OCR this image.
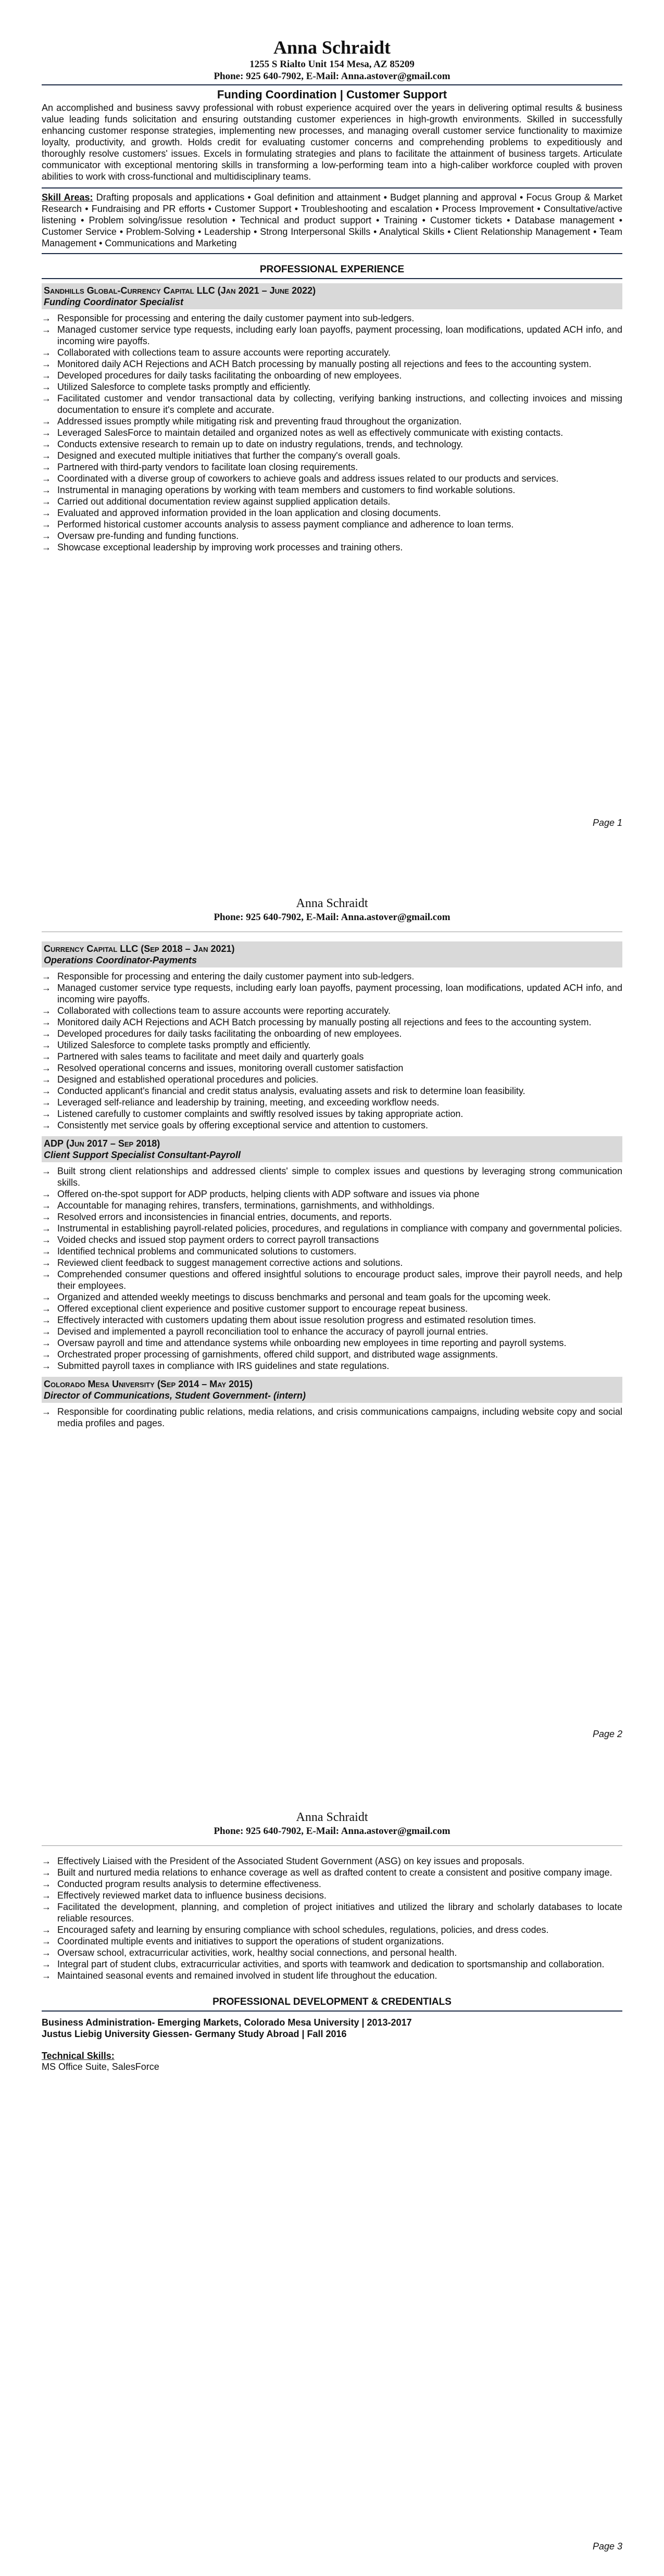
Anna Schraidt
1255 S Rialto Unit 154 Mesa, AZ 85209
Phone: 925 640-7902, E-Mail: Anna.astover@gmail.com
Funding Coordination | Customer Support
An accomplished and business savvy professional with robust experience acquired over the years in delivering optimal results & business value leading funds solicitation and ensuring outstanding customer experiences in high-growth environments. Skilled in successfully enhancing customer response strategies, implementing new processes, and managing overall customer service functionality to maximize loyalty, productivity, and growth. Holds credit for evaluating customer concerns and comprehending problems to expeditiously and thoroughly resolve customers' issues. Excels in formulating strategies and plans to facilitate the attainment of business targets. Articulate communicator with exceptional mentoring skills in transforming a low-performing team into a high-caliber workforce coupled with proven abilities to work with cross-functional and multidisciplinary teams.
Skill Areas: Drafting proposals and applications • Goal definition and attainment • Budget planning and approval • Focus Group & Market Research • Fundraising and PR efforts • Customer Support • Troubleshooting and escalation • Process Improvement • Consultative/active listening • Problem solving/issue resolution • Technical and product support • Training • Customer tickets • Database management • Customer Service • Problem-Solving • Leadership • Strong Interpersonal Skills • Analytical Skills • Client Relationship Management • Team Management • Communications and Marketing
PROFESSIONAL EXPERIENCE
Sandhills Global-Currency Capital LLC (Jan 2021 – June 2022)
Funding Coordinator Specialist
→ Responsible for processing and entering the daily customer payment into sub-ledgers.
→ Managed customer service type requests, including early loan payoffs, payment processing, loan modifications, updated ACH info, and incoming wire payoffs.
→ Collaborated with collections team to assure accounts were reporting accurately.
→ Monitored daily ACH Rejections and ACH Batch processing by manually posting all rejections and fees to the accounting system.
→ Developed procedures for daily tasks facilitating the onboarding of new employees.
→ Utilized Salesforce to complete tasks promptly and efficiently.
→ Facilitated customer and vendor transactional data by collecting, verifying banking instructions, and collecting invoices and missing documentation to ensure it's complete and accurate.
→ Addressed issues promptly while mitigating risk and preventing fraud throughout the organization.
→ Leveraged SalesForce to maintain detailed and organized notes as well as effectively communicate with existing contacts.
→ Conducts extensive research to remain up to date on industry regulations, trends, and technology.
→ Designed and executed multiple initiatives that further the company's overall goals.
→ Partnered with third-party vendors to facilitate loan closing requirements.
→ Coordinated with a diverse group of coworkers to achieve goals and address issues related to our products and services.
→ Instrumental in managing operations by working with team members and customers to find workable solutions.
→ Carried out additional documentation review against supplied application details.
→ Evaluated and approved information provided in the loan application and closing documents.
→ Performed historical customer accounts analysis to assess payment compliance and adherence to loan terms.
→ Oversaw pre-funding and funding functions.
→ Showcase exceptional leadership by improving work processes and training others.
Page 1
Anna Schraidt
Phone: 925 640-7902, E-Mail: Anna.astover@gmail.com
Currency Capital LLC (Sep 2018 – Jan 2021)
Operations Coordinator-Payments
→ Responsible for processing and entering the daily customer payment into sub-ledgers.
→ Managed customer service type requests, including early loan payoffs, payment processing, loan modifications, updated ACH info, and incoming wire payoffs.
→ Collaborated with collections team to assure accounts were reporting accurately.
→ Monitored daily ACH Rejections and ACH Batch processing by manually posting all rejections and fees to the accounting system.
→ Developed procedures for daily tasks facilitating the onboarding of new employees.
→ Utilized Salesforce to complete tasks promptly and efficiently.
→ Partnered with sales teams to facilitate and meet daily and quarterly goals
→ Resolved operational concerns and issues, monitoring overall customer satisfaction
→ Designed and established operational procedures and policies.
→ Conducted applicant's financial and credit status analysis, evaluating assets and risk to determine loan feasibility.
→ Leveraged self-reliance and leadership by training, meeting, and exceeding workflow needs.
→ Listened carefully to customer complaints and swiftly resolved issues by taking appropriate action.
→ Consistently met service goals by offering exceptional service and attention to customers.
ADP (Jun 2017 – Sep 2018)
Client Support Specialist Consultant-Payroll
→ Built strong client relationships and addressed clients' simple to complex issues and questions by leveraging strong communication skills.
→ Offered on-the-spot support for ADP products, helping clients with ADP software and issues via phone
→ Accountable for managing rehires, transfers, terminations, garnishments, and withholdings.
→ Resolved errors and inconsistencies in financial entries, documents, and reports.
→ Instrumental in establishing payroll-related policies, procedures, and regulations in compliance with company and governmental policies.
→ Voided checks and issued stop payment orders to correct payroll transactions
→ Identified technical problems and communicated solutions to customers.
→ Reviewed client feedback to suggest management corrective actions and solutions.
→ Comprehended consumer questions and offered insightful solutions to encourage product sales, improve their payroll needs, and help their employees.
→ Organized and attended weekly meetings to discuss benchmarks and personal and team goals for the upcoming week.
→ Offered exceptional client experience and positive customer support to encourage repeat business.
→ Effectively interacted with customers updating them about issue resolution progress and estimated resolution times.
→ Devised and implemented a payroll reconciliation tool to enhance the accuracy of payroll journal entries.
→ Oversaw payroll and time and attendance systems while onboarding new employees in time reporting and payroll systems.
→ Orchestrated proper processing of garnishments, offered child support, and distributed wage assignments.
→ Submitted payroll taxes in compliance with IRS guidelines and state regulations.
Colorado Mesa University (Sep 2014 – May 2015)
Director of Communications, Student Government- (intern)
→ Responsible for coordinating public relations, media relations, and crisis communications campaigns, including website copy and social media profiles and pages.
Page 2
Anna Schraidt
Phone: 925 640-7902, E-Mail: Anna.astover@gmail.com
→ Effectively Liaised with the President of the Associated Student Government (ASG) on key issues and proposals.
→ Built and nurtured media relations to enhance coverage as well as drafted content to create a consistent and positive company image.
→ Conducted program results analysis to determine effectiveness.
→ Effectively reviewed market data to influence business decisions.
→ Facilitated the development, planning, and completion of project initiatives and utilized the library and scholarly databases to locate reliable resources.
→ Encouraged safety and learning by ensuring compliance with school schedules, regulations, policies, and dress codes.
→ Coordinated multiple events and initiatives to support the operations of student organizations.
→ Oversaw school, extracurricular activities, work, healthy social connections, and personal health.
→ Integral part of student clubs, extracurricular activities, and sports with teamwork and dedication to sportsmanship and collaboration.
→ Maintained seasonal events and remained involved in student life throughout the education.
PROFESSIONAL DEVELOPMENT & CREDENTIALS
Business Administration- Emerging Markets, Colorado Mesa University | 2013-2017
Justus Liebig University Giessen- Germany Study Abroad | Fall 2016
Technical Skills:
MS Office Suite, SalesForce
Page 3
